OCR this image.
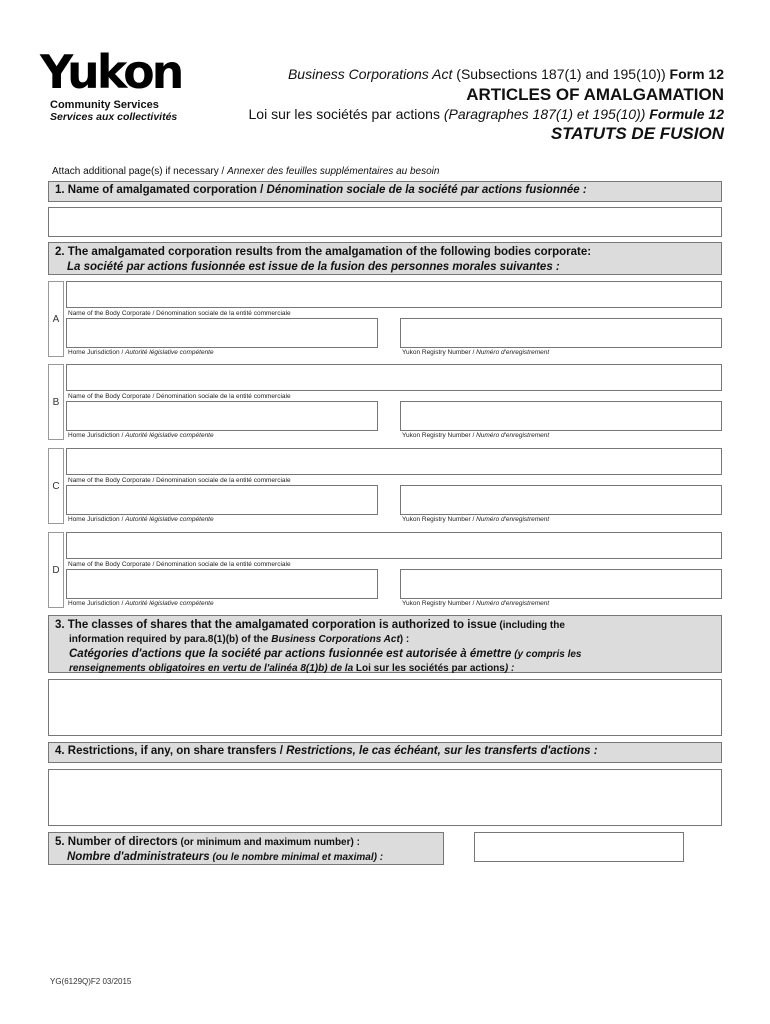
Yukon
Community Services
Services aux collectivités
Business Corporations Act (Subsections 187(1) and 195(10)) Form 12
ARTICLES OF AMALGAMATION
Loi sur les sociétés par actions (Paragraphes 187(1) et 195(10)) Formule 12
STATUTS DE FUSION
Attach additional page(s) if necessary / Annexer des feuilles supplémentaires au besoin
1. Name of amalgamated corporation / Dénomination sociale de la société par actions fusionnée :
2. The amalgamated corporation results from the amalgamation of the following bodies corporate:
La société par actions fusionnée est issue de la fusion des personnes morales suivantes :
A
Name of the Body Corporate / Dénomination sociale de la entité commerciale
Home Jurisdiction / Autorité législative compétente	Yukon Registry Number / Numéro d'enregistrement
B
Name of the Body Corporate / Dénomination sociale de la entité commerciale
Home Jurisdiction / Autorité législative compétente	Yukon Registry Number / Numéro d'enregistrement
C
Name of the Body Corporate / Dénomination sociale de la entité commerciale
Home Jurisdiction / Autorité législative compétente	Yukon Registry Number / Numéro d'enregistrement
D
Name of the Body Corporate / Dénomination sociale de la entité commerciale
Home Jurisdiction / Autorité législative compétente	Yukon Registry Number / Numéro d'enregistrement
3. The classes of shares that the amalgamated corporation is authorized to issue (including the
information required by para.8(1)(b) of the Business Corporations Act) :
Catégories d'actions que la société par actions fusionnée est autorisée à émettre (y compris les
renseignements obligatoires en vertu de l'alinéa 8(1)b) de la Loi sur les sociétés par actions) :
4. Restrictions, if any, on share transfers / Restrictions, le cas échéant, sur les transferts d'actions :
5. Number of directors (or minimum and maximum number) :
Nombre d'administrateurs (ou le nombre minimal et maximal) :
YG(6129Q)F2 03/2015
